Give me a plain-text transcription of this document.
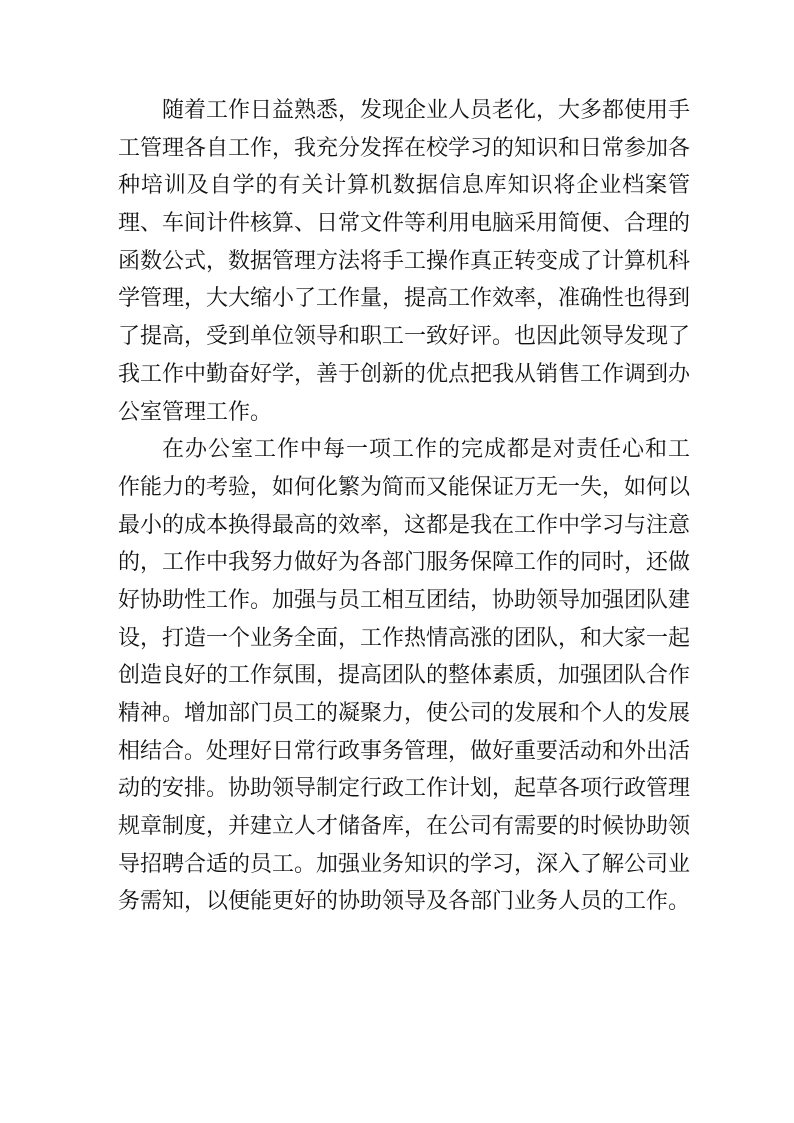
随着工作日益熟悉，发现企业人员老化，大多都使用手
工管理各自工作，我充分发挥在校学习的知识和日常参加各
种培训及自学的有关计算机数据信息库知识将企业档案管
理、车间计件核算、日常文件等利用电脑采用简便、合理的
函数公式，数据管理方法将手工操作真正转变成了计算机科
学管理，大大缩小了工作量，提高工作效率，准确性也得到
了提高，受到单位领导和职工一致好评。也因此领导发现了
我工作中勤奋好学，善于创新的优点把我从销售工作调到办
公室管理工作。
在办公室工作中每一项工作的完成都是对责任心和工
作能力的考验，如何化繁为简而又能保证万无一失，如何以
最小的成本换得最高的效率，这都是我在工作中学习与注意
的，工作中我努力做好为各部门服务保障工作的同时，还做
好协助性工作。加强与员工相互团结，协助领导加强团队建
设，打造一个业务全面，工作热情高涨的团队，和大家一起
创造良好的工作氛围，提高团队的整体素质，加强团队合作
精神。增加部门员工的凝聚力，使公司的发展和个人的发展
相结合。处理好日常行政事务管理，做好重要活动和外出活
动的安排。协助领导制定行政工作计划，起草各项行政管理
规章制度，并建立人才储备库，在公司有需要的时候协助领
导招聘合适的员工。加强业务知识的学习，深入了解公司业
务需知，以便能更好的协助领导及各部门业务人员的工作。
